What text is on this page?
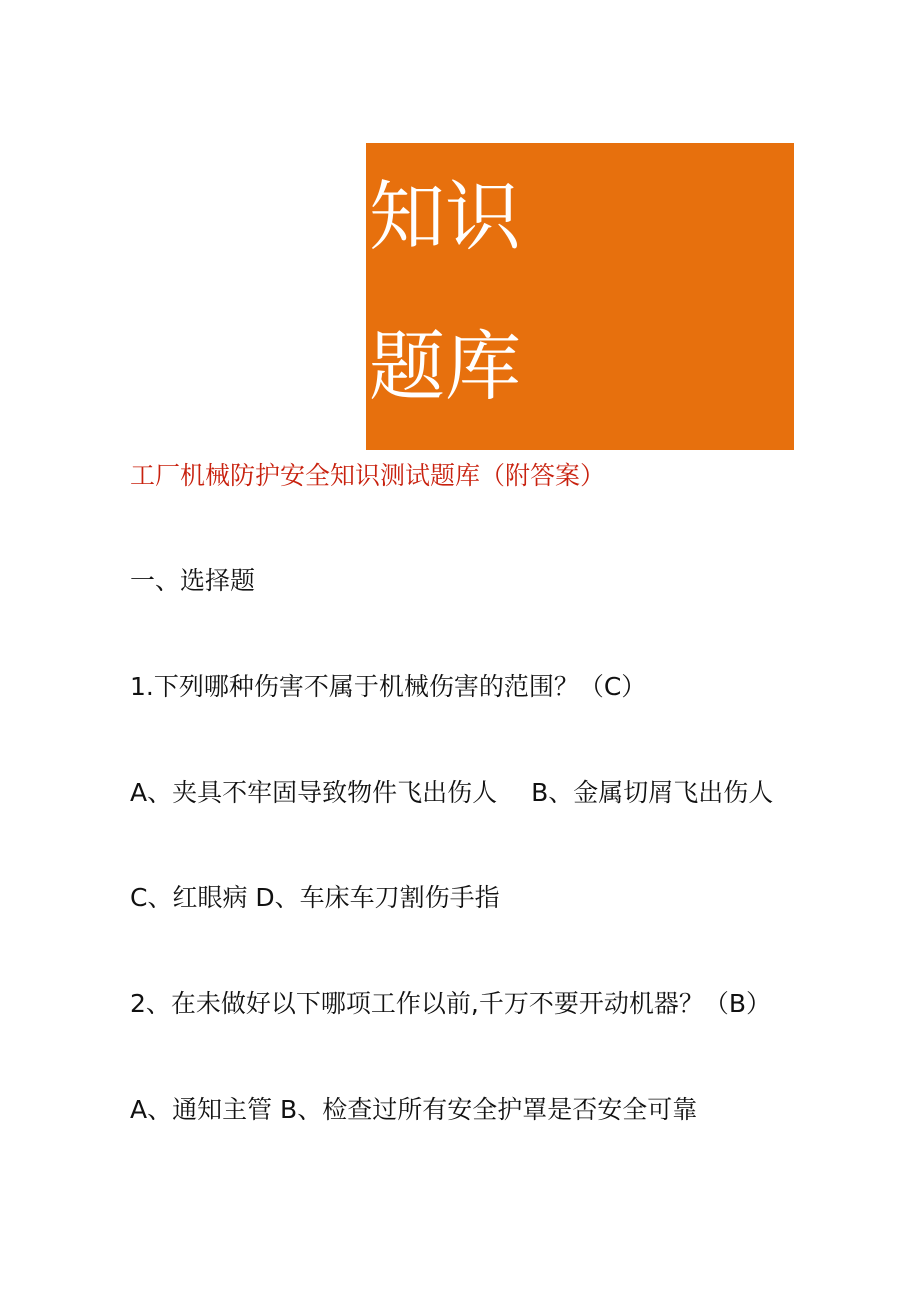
知识
题库
工厂机械防护安全知识测试题库（附答案）
一、选择题
1.下列哪种伤害不属于机械伤害的范围？（C）
A、夹具不牢固导致物件飞出伤人 B、金属切屑飞出伤人
C、红眼病 D、车床车刀割伤手指
2、在未做好以下哪项工作以前,千万不要开动机器？（B）
A、通知主管 B、检查过所有安全护罩是否安全可靠
